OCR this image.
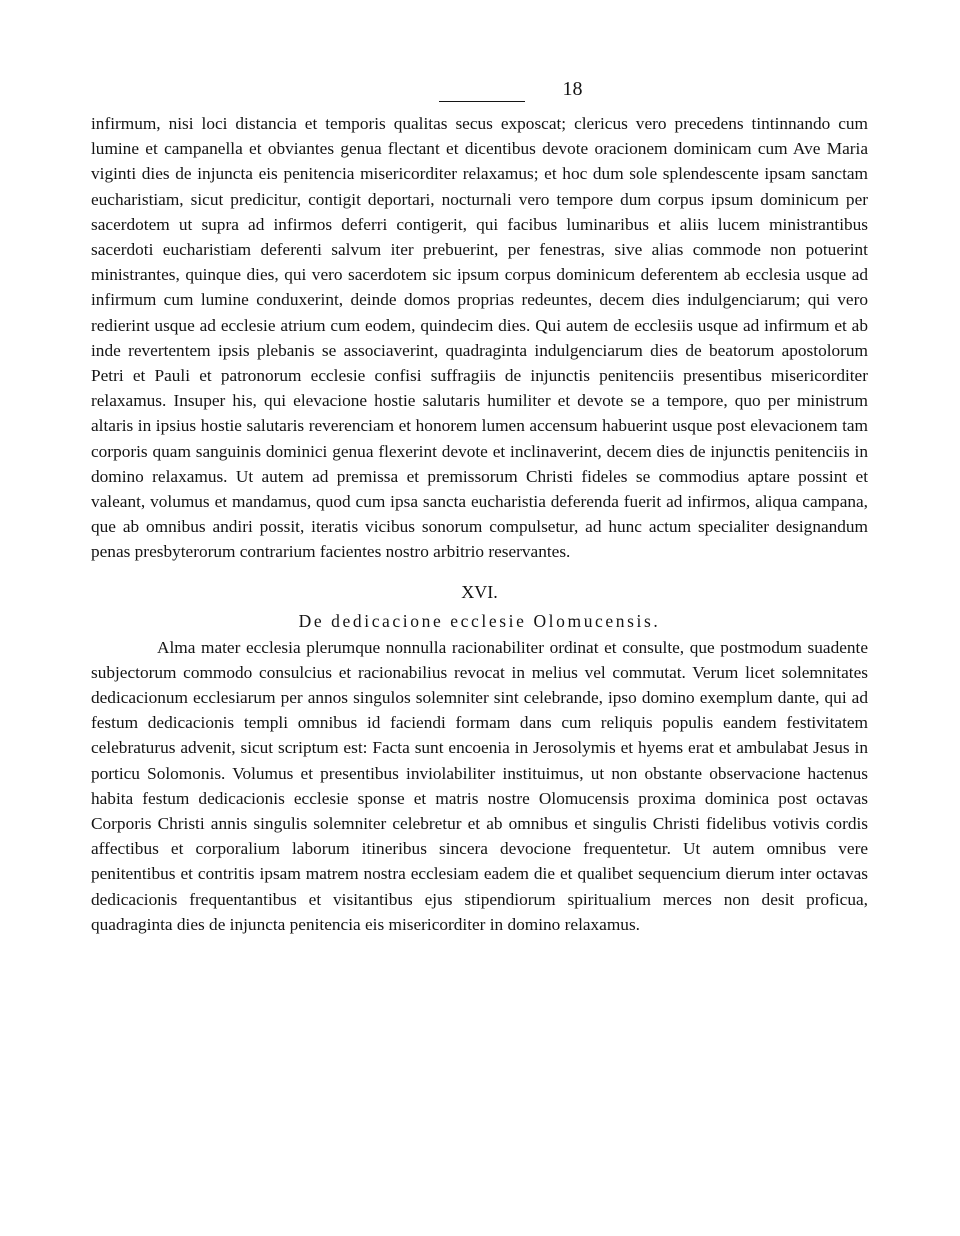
18

infirmum, nisi loci distancia et temporis qualitas secus exposcat; clericus vero precedens tintinnando cum lumine et campanella et obviantes genua flectant et dicentibus devote oracionem dominicam cum Ave Maria viginti dies de injuncta eis penitencia misericorditer relaxamus; et hoc dum sole splendescente ipsam sanctam eucharistiam, sicut predicitur, contigit deportari, nocturnali vero tempore dum corpus ipsum dominicum per sacerdotem ut supra ad infirmos deferri contigerit, qui facibus luminaribus et aliis lucem ministrantibus sacerdoti eucharistiam deferenti salvum iter prebuerint, per fenestras, sive alias commode non potuerint ministrantes, quinque dies, qui vero sacerdotem sic ipsum corpus dominicum deferentem ab ecclesia usque ad infirmum cum lumine conduxerint, deinde domos proprias redeuntes, decem dies indulgenciarum; qui vero redierint usque ad ecclesie atrium cum eodem, quindecim dies. Qui autem de ecclesiis usque ad infirmum et ab inde revertentem ipsis plebanis se associaverint, quadraginta indulgenciarum dies de beatorum apostolorum Petri et Pauli et patronorum ecclesie confisi suffragiis de injunctis penitenciis presentibus misericorditer relaxamus. Insuper his, qui elevacione hostie salutaris humiliter et devote se a tempore, quo per ministrum altaris in ipsius hostie salutaris reverenciam et honorem lumen accensum habuerint usque post elevacionem tam corporis quam sanguinis dominici genua flexerint devote et inclinaverint, decem dies de injunctis penitenciis in domino relaxamus. Ut autem ad premissa et premissorum Christi fideles se commodius aptare possint et valeant, volumus et mandamus, quod cum ipsa sancta eucharistia deferenda fuerit ad infirmos, aliqua campana, que ab omnibus andiri possit, iteratis vicibus sonorum compulsetur, ad hunc actum specialiter designandum penas presbyterorum contrarium facientes nostro arbitrio reservantes.

XVI.
De dedicacione ecclesie Olomucensis.

Alma mater ecclesia plerumque nonnulla racionabiliter ordinat et consulte, que postmodum suadente subjectorum commodo consulcius et racionabilius revocat in melius vel commutat. Verum licet solemnitates dedicacionum ecclesiarum per annos singulos solemniter sint celebrande, ipso domino exemplum dante, qui ad festum dedicacionis templi omnibus id faciendi formam dans cum reliquis populis eandem festivitatem celebraturus advenit, sicut scriptum est: Facta sunt encoenia in Jerosolymis et hyems erat et ambulabat Jesus in porticu Solomonis. Volumus et presentibus inviolabiliter instituimus, ut non obstante observacione hactenus habita festum dedicacionis ecclesie sponse et matris nostre Olomucensis proxima dominica post octavas Corporis Christi annis singulis solemniter celebretur et ab omnibus et singulis Christi fidelibus votivis cordis affectibus et corporalium laborum itineribus sincera devocione frequentetur. Ut autem omnibus vere penitentibus et contritis ipsam matrem nostra ecclesiam eadem die et qualibet sequencium dierum inter octavas dedicacionis frequentantibus et visitantibus ejus stipendiorum spiritualium merces non desit proficua, quadraginta dies de injuncta penitencia eis misericorditer in domino relaxamus.
